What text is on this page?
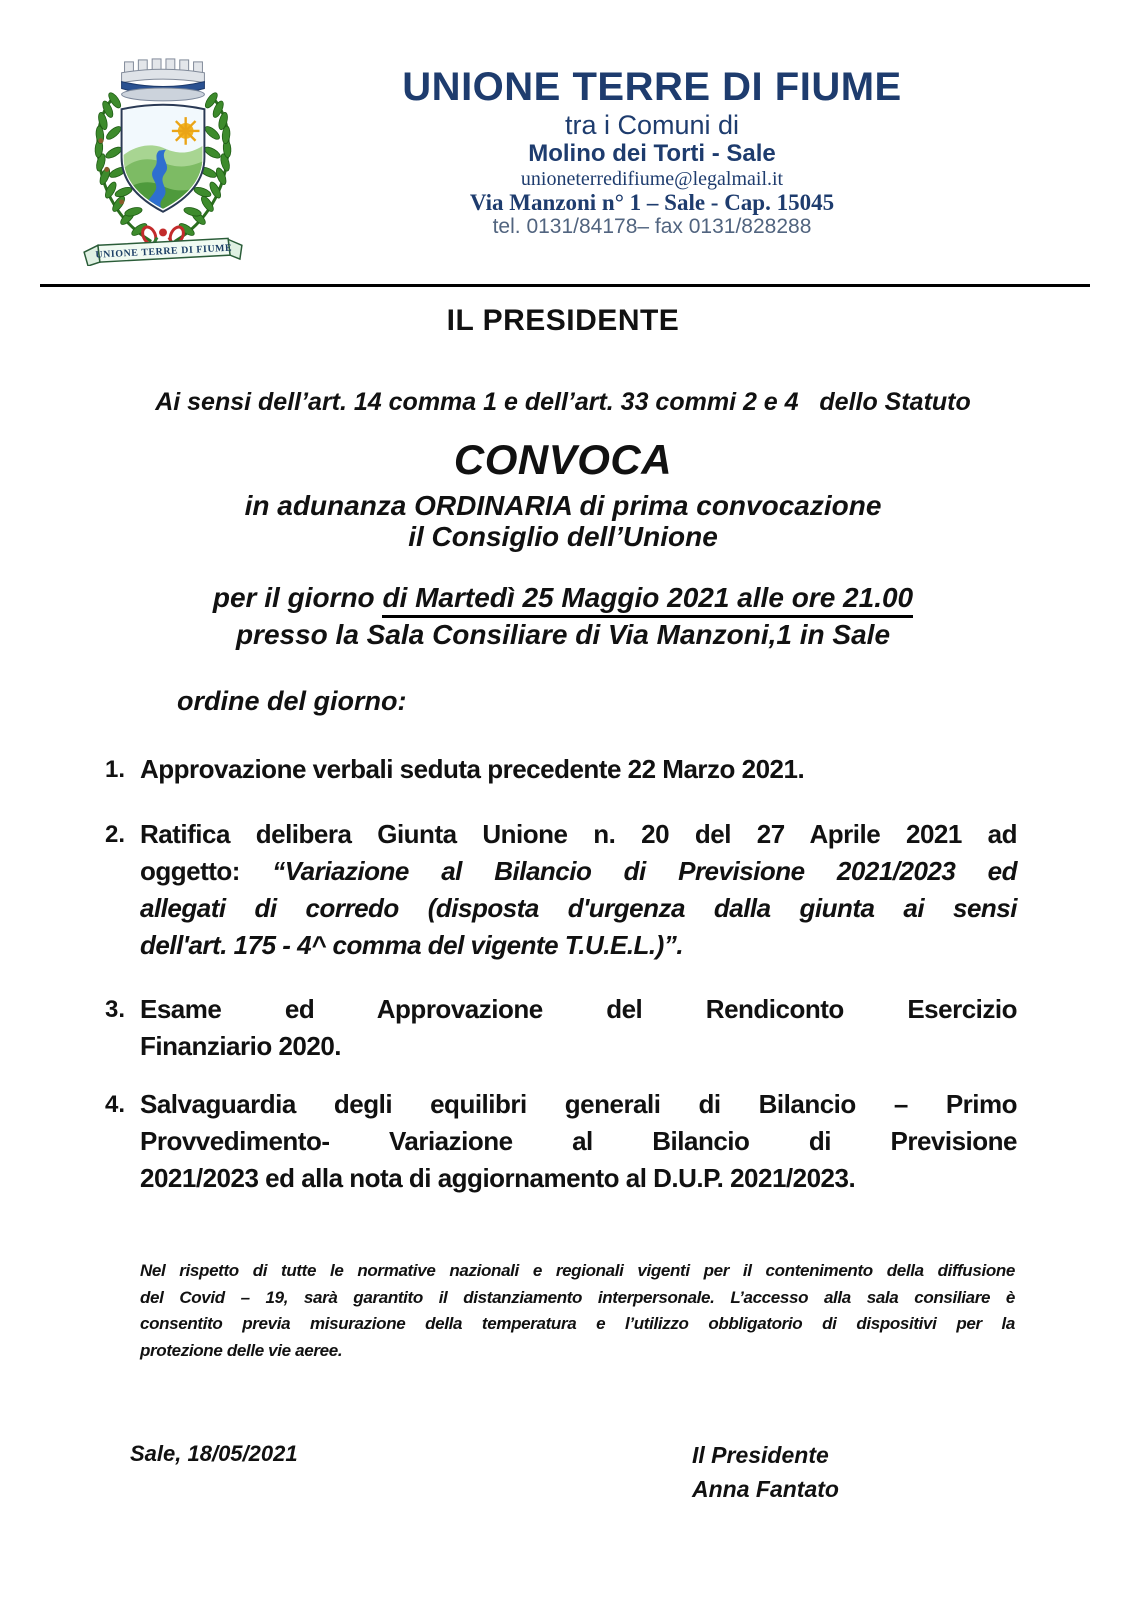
UNIONE TERRE DI FIUME
UNIONE TERRE DI FIUME
tra i Comuni di
Molino dei Torti - Sale
unioneterredifiume@legalmail.it
Via Manzoni n° 1 – Sale - Cap. 15045
tel. 0131/84178– fax 0131/828288
IL PRESIDENTE
Ai sensi dell’art. 14 comma 1 e dell’art. 33 commi 2 e 4   dello Statuto
CONVOCA
in adunanza ORDINARIA di prima convocazione
il Consiglio dell’Unione
per il giorno di Martedì 25 Maggio 2021 alle ore 21.00
presso la Sala Consiliare di Via Manzoni,1 in Sale
ordine del giorno:
1. Approvazione verbali seduta precedente 22 Marzo 2021.
2. Ratifica delibera Giunta Unione n. 20 del 27 Aprile 2021 ad
oggetto: “Variazione al Bilancio di Previsione 2021/2023 ed
allegati di corredo (disposta d'urgenza dalla giunta ai sensi
dell'art. 175 - 4^ comma del vigente T.U.E.L.)”.
3. Esame ed Approvazione del Rendiconto Esercizio
Finanziario 2020.
4. Salvaguardia degli equilibri generali di Bilancio – Primo
Provvedimento- Variazione al Bilancio di Previsione
2021/2023 ed alla nota di aggiornamento al D.U.P. 2021/2023.
Nel rispetto di tutte le normative nazionali e regionali vigenti per il contenimento della diffusione
del Covid – 19, sarà garantito il distanziamento interpersonale. L’accesso alla sala consiliare è
consentito previa misurazione della temperatura e l’utilizzo obbligatorio di dispositivi per la
protezione delle vie aeree.
Sale, 18/05/2021	Il Presidente
Anna Fantato
